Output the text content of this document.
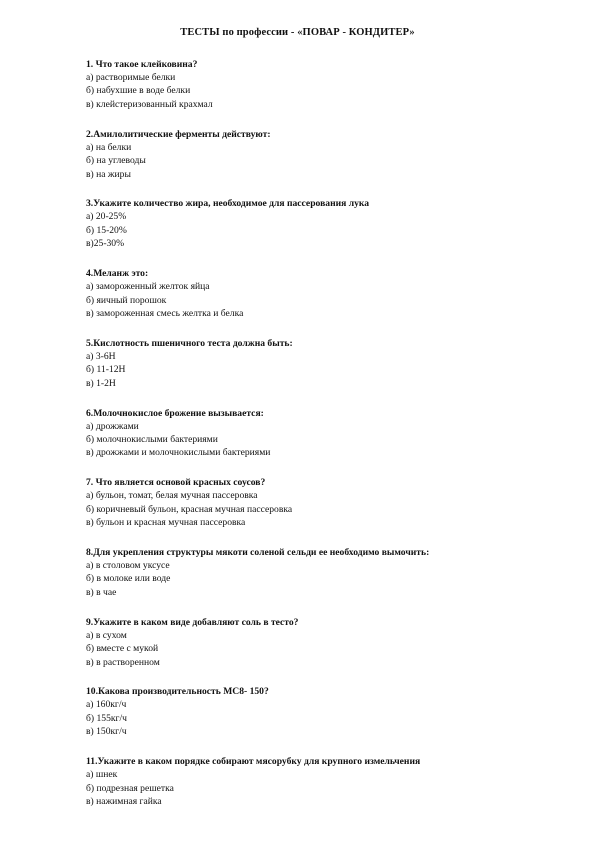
ТЕСТЫ по профессии - «ПОВАР - КОНДИТЕР»
1. Что такое клейковина?
а) растворимые белки
б) набухшие в воде белки
в) клейстеризованный крахмал
2.Амилолитические ферменты действуют:
а) на белки
б) на углеводы
в) на жиры
3.Укажите количество жира, необходимое для пассерования лука
а) 20-25%
б) 15-20%
в)25-30%
4.Меланж это:
а) замороженный желток яйца
б) яичный порошок
в) замороженная смесь желтка и белка
5.Кислотность пшеничного теста должна быть:
а) 3-6Н
б) 11-12Н
в) 1-2Н
6.Молочнокислое брожение вызывается:
а) дрожжами
б) молочнокислыми бактериями
в) дрожжами и молочнокислыми бактериями
7. Что является основой красных соусов?
а) бульон, томат, белая мучная пассеровка
б) коричневый бульон, красная мучная пассеровка
в) бульон и красная мучная пассеровка
8.Для укрепления структуры мякоти соленой сельди ее необходимо вымочить:
а) в столовом уксусе
б) в молоке или воде
в) в чае
9.Укажите в каком виде добавляют соль в тесто?
а) в сухом
б) вместе с мукой
в) в растворенном
10.Какова производительность МС8- 150?
а) 160кг/ч
б) 155кг/ч
в) 150кг/ч
11.Укажите в каком порядке собирают мясорубку для крупного измельчения
а) шнек
б) подрезная решетка
в) нажимная гайка
